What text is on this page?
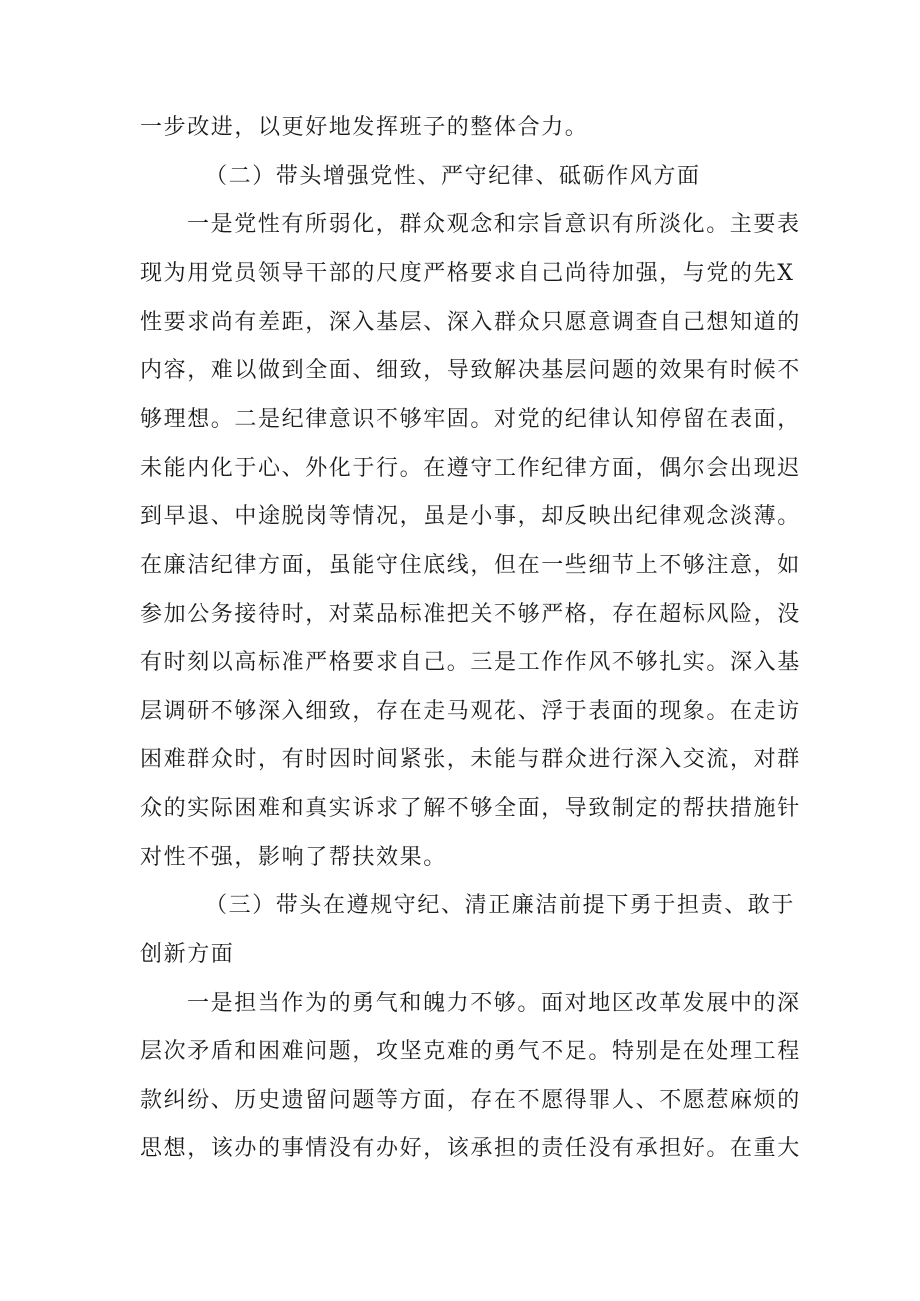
一步改进，以更好地发挥班子的整体合力。
（二）带头增强党性、严守纪律、砥砺作风方面
一是党性有所弱化，群众观念和宗旨意识有所淡化。主要表
现为用党员领导干部的尺度严格要求自己尚待加强，与党的先X
性要求尚有差距，深入基层、深入群众只愿意调查自己想知道的
内容，难以做到全面、细致，导致解决基层问题的效果有时候不
够理想。二是纪律意识不够牢固。对党的纪律认知停留在表面，
未能内化于心、外化于行。在遵守工作纪律方面，偶尔会出现迟
到早退、中途脱岗等情况，虽是小事，却反映出纪律观念淡薄。
在廉洁纪律方面，虽能守住底线，但在一些细节上不够注意，如
参加公务接待时，对菜品标准把关不够严格，存在超标风险，没
有时刻以高标准严格要求自己。三是工作作风不够扎实。深入基
层调研不够深入细致，存在走马观花、浮于表面的现象。在走访
困难群众时，有时因时间紧张，未能与群众进行深入交流，对群
众的实际困难和真实诉求了解不够全面，导致制定的帮扶措施针
对性不强，影响了帮扶效果。
（三）带头在遵规守纪、清正廉洁前提下勇于担责、敢于
创新方面
一是担当作为的勇气和魄力不够。面对地区改革发展中的深
层次矛盾和困难问题，攻坚克难的勇气不足。特别是在处理工程
款纠纷、历史遗留问题等方面，存在不愿得罪人、不愿惹麻烦的
思想，该办的事情没有办好，该承担的责任没有承担好。在重大
